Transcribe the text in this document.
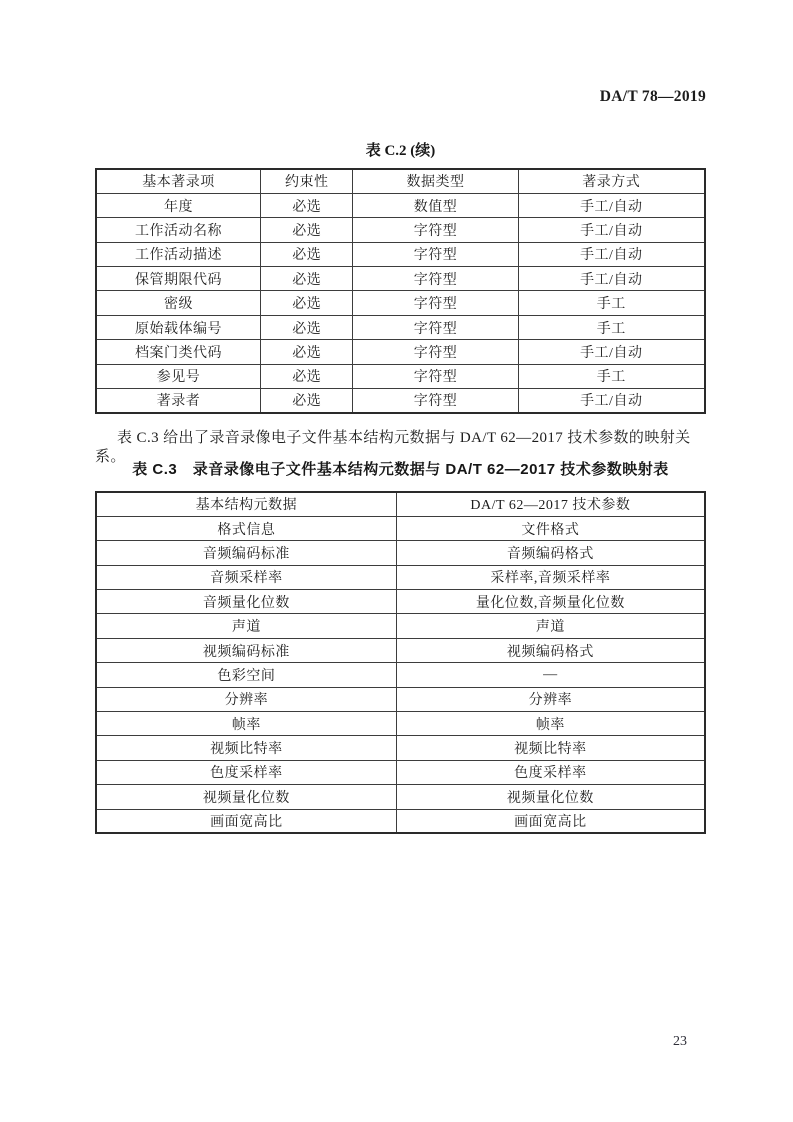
DA/T 78—2019
表 C.2 (续)
基本著录项	约束性	数据类型	著录方式
年度	必选	数值型	手工/自动
工作活动名称	必选	字符型	手工/自动
工作活动描述	必选	字符型	手工/自动
保管期限代码	必选	字符型	手工/自动
密级	必选	字符型	手工
原始载体编号	必选	字符型	手工
档案门类代码	必选	字符型	手工/自动
参见号	必选	字符型	手工
著录者	必选	字符型	手工/自动
表 C.3 给出了录音录像电子文件基本结构元数据与 DA/T 62—2017 技术参数的映射关系。
表 C.3　录音录像电子文件基本结构元数据与 DA/T 62—2017 技术参数映射表
基本结构元数据	DA/T 62—2017 技术参数
格式信息	文件格式
音频编码标准	音频编码格式
音频采样率	采样率,音频采样率
音频量化位数	量化位数,音频量化位数
声道	声道
视频编码标准	视频编码格式
色彩空间	—
分辨率	分辨率
帧率	帧率
视频比特率	视频比特率
色度采样率	色度采样率
视频量化位数	视频量化位数
画面宽高比	画面宽高比
23
